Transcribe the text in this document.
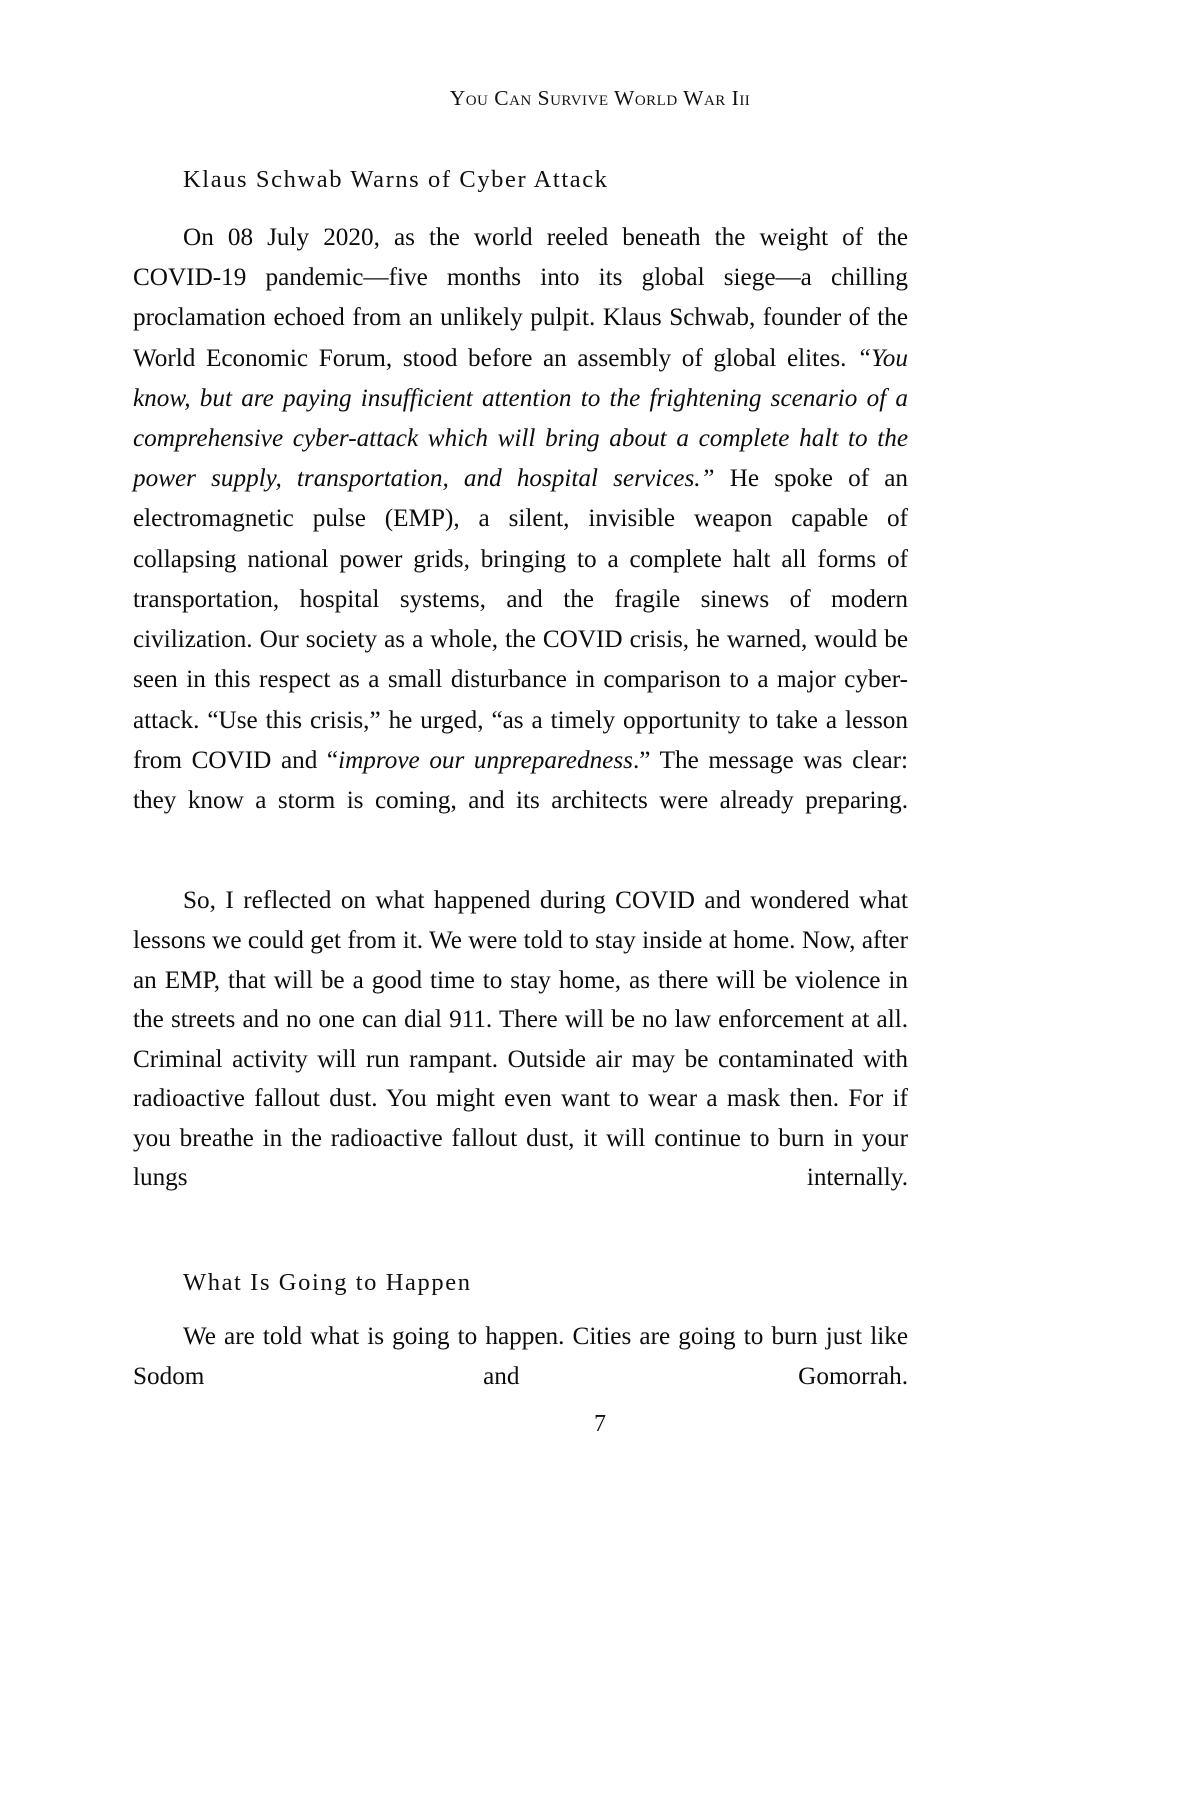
You Can Survive World War Iii
Klaus Schwab Warns of Cyber Attack

On 08 July 2020, as the world reeled beneath the weight of the COVID-19 pandemic—five months into its global siege—a chilling proclamation echoed from an unlikely pulpit. Klaus Schwab, founder of the World Economic Forum, stood before an assembly of global elites. “You know, but are paying insufficient attention to the frightening scenario of a comprehensive cyber-attack which will bring about a complete halt to the power supply, transportation, and hospital services.” He spoke of an electromagnetic pulse (EMP), a silent, invisible weapon capable of collapsing national power grids, bringing to a complete halt all forms of transportation, hospital systems, and the fragile sinews of modern civilization. Our society as a whole, the COVID crisis, he warned, would be seen in this respect as a small disturbance in comparison to a major cyber-attack. “Use this crisis,” he urged, “as a timely opportunity to take a lesson from COVID and “improve our unpreparedness.” The message was clear: they know a storm is coming, and its architects were already preparing.

So, I reflected on what happened during COVID and wondered what lessons we could get from it. We were told to stay inside at home. Now, after an EMP, that will be a good time to stay home, as there will be violence in the streets and no one can dial 911. There will be no law enforcement at all. Criminal activity will run rampant. Outside air may be contaminated with radioactive fallout dust. You might even want to wear a mask then. For if you breathe in the radioactive fallout dust, it will continue to burn in your lungs internally.

What Is Going to Happen

We are told what is going to happen. Cities are going to burn just like Sodom and Gomorrah.

7
